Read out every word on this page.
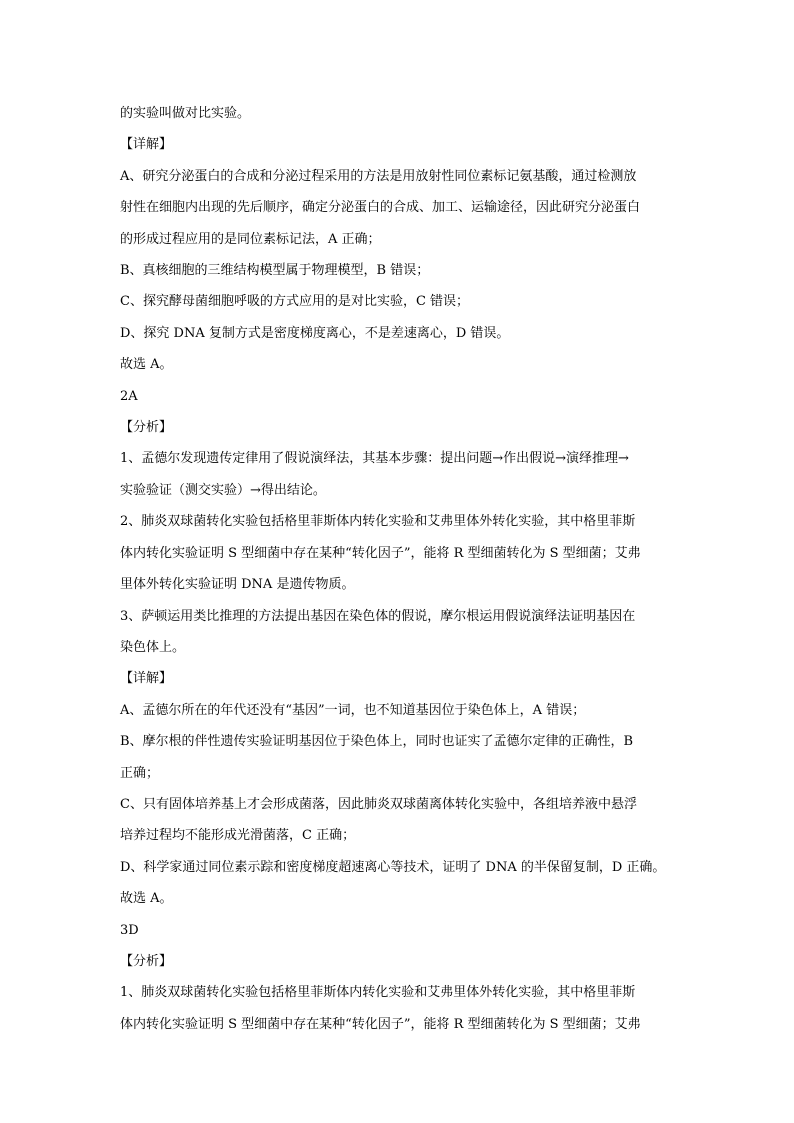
的实验叫做对比实验。
【详解】
A、研究分泌蛋白的合成和分泌过程采用的方法是用放射性同位素标记氨基酸，通过检测放
射性在细胞内出现的先后顺序，确定分泌蛋白的合成、加工、运输途径，因此研究分泌蛋白
的形成过程应用的是同位素标记法，A 正确；
B、真核细胞的三维结构模型属于物理模型，B 错误；
C、探究酵母菌细胞呼吸的方式应用的是对比实验，C 错误；
D、探究 DNA 复制方式是密度梯度离心，不是差速离心，D 错误。
故选 A。
2A
【分析】
1、孟德尔发现遗传定律用了假说演绎法，其基本步骤：提出问题→作出假说→演绎推理→
实验验证（测交实验）→得出结论。
2、肺炎双球菌转化实验包括格里菲斯体内转化实验和艾弗里体外转化实验，其中格里菲斯
体内转化实验证明 S 型细菌中存在某种“转化因子”，能将 R 型细菌转化为 S 型细菌；艾弗
里体外转化实验证明 DNA 是遗传物质。
3、萨顿运用类比推理的方法提出基因在染色体的假说，摩尔根运用假说演绎法证明基因在
染色体上。
【详解】
A、孟德尔所在的年代还没有“基因”一词，也不知道基因位于染色体上，A 错误；
B、摩尔根的伴性遗传实验证明基因位于染色体上，同时也证实了孟德尔定律的正确性，B
正确；
C、只有固体培养基上才会形成菌落，因此肺炎双球菌离体转化实验中，各组培养液中悬浮
培养过程均不能形成光滑菌落，C 正确；
D、科学家通过同位素示踪和密度梯度超速离心等技术，证明了 DNA 的半保留复制，D 正确。
故选 A。
3D
【分析】
1、肺炎双球菌转化实验包括格里菲斯体内转化实验和艾弗里体外转化实验，其中格里菲斯
体内转化实验证明 S 型细菌中存在某种“转化因子”，能将 R 型细菌转化为 S 型细菌；艾弗
